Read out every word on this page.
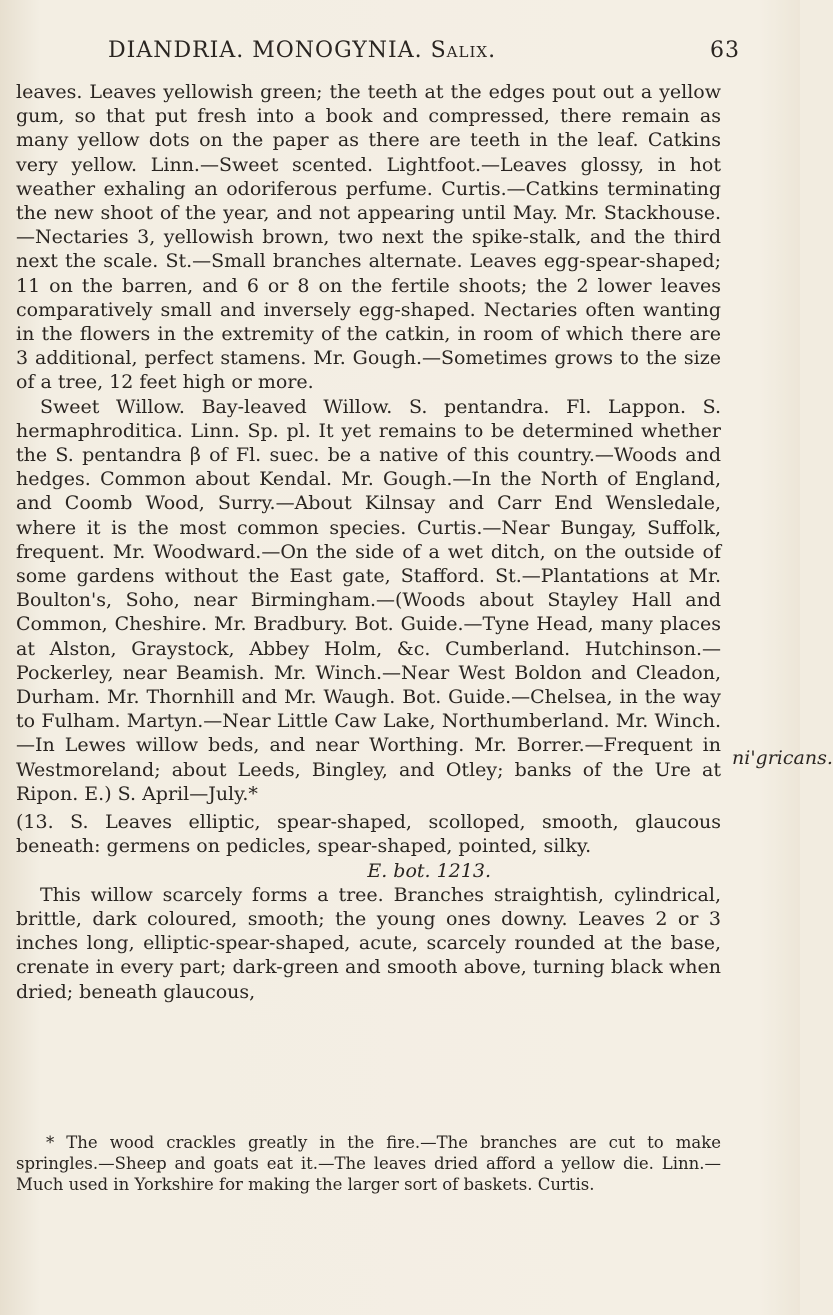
DIANDRIA. MONOGYNIA. Salix.	63

leaves. Leaves yellowish green; the teeth at the edges pout out a yellow gum, so that put fresh into a book and compressed, there remain as many yellow dots on the paper as there are teeth in the leaf. Catkins very yellow. Linn.—Sweet scented. Lightfoot.—Leaves glossy, in hot weather exhaling an odoriferous perfume. Curtis.—Catkins terminating the new shoot of the year, and not appearing until May. Mr. Stackhouse.—Nectaries 3, yellowish brown, two next the spike-stalk, and the third next the scale. St.—Small branches alternate. Leaves egg-spear-shaped; 11 on the barren, and 6 or 8 on the fertile shoots; the 2 lower leaves comparatively small and inversely egg-shaped. Nectaries often wanting in the flowers in the extremity of the catkin, in room of which there are 3 additional, perfect stamens. Mr. Gough.—Sometimes grows to the size of a tree, 12 feet high or more.

Sweet Willow. Bay-leaved Willow. S. pentandra. Fl. Lappon. S. hermaphroditica. Linn. Sp. pl. It yet remains to be determined whether the S. pentandra β of Fl. suec. be a native of this country.—Woods and hedges. Common about Kendal. Mr. Gough.—In the North of England, and Coomb Wood, Surry.—About Kilnsay and Carr End Wensledale, where it is the most common species. Curtis.—Near Bungay, Suffolk, frequent. Mr. Woodward.—On the side of a wet ditch, on the outside of some gardens without the East gate, Stafford. St.—Plantations at Mr. Boulton's, Soho, near Birmingham.—(Woods about Stayley Hall and Common, Cheshire. Mr. Bradbury. Bot. Guide.—Tyne Head, many places at Alston, Graystock, Abbey Holm, &c. Cumberland. Hutchinson.—Pockerley, near Beamish. Mr. Winch.—Near West Boldon and Cleadon, Durham. Mr. Thornhill and Mr. Waugh. Bot. Guide.—Chelsea, in the way to Fulham. Martyn.—Near Little Caw Lake, Northumberland. Mr. Winch.—In Lewes willow beds, and near Worthing. Mr. Borrer.—Frequent in Westmoreland; about Leeds, Bingley, and Otley; banks of the Ure at Ripon. E.) S. April—July.*

(13. S. Leaves elliptic, spear-shaped, scolloped, smooth, glaucous beneath: germens on pedicles, spear-shaped, pointed, silky.

E. bot. 1213.

This willow scarcely forms a tree. Branches straightish, cylindrical, brittle, dark coloured, smooth; the young ones downy. Leaves 2 or 3 inches long, elliptic-spear-shaped, acute, scarcely rounded at the base, crenate in every part; dark-green and smooth above, turning black when dried; beneath glaucous,

ni'gricans.

* The wood crackles greatly in the fire.—The branches are cut to make springles.—Sheep and goats eat it.—The leaves dried afford a yellow die. Linn.—Much used in Yorkshire for making the larger sort of baskets. Curtis.
